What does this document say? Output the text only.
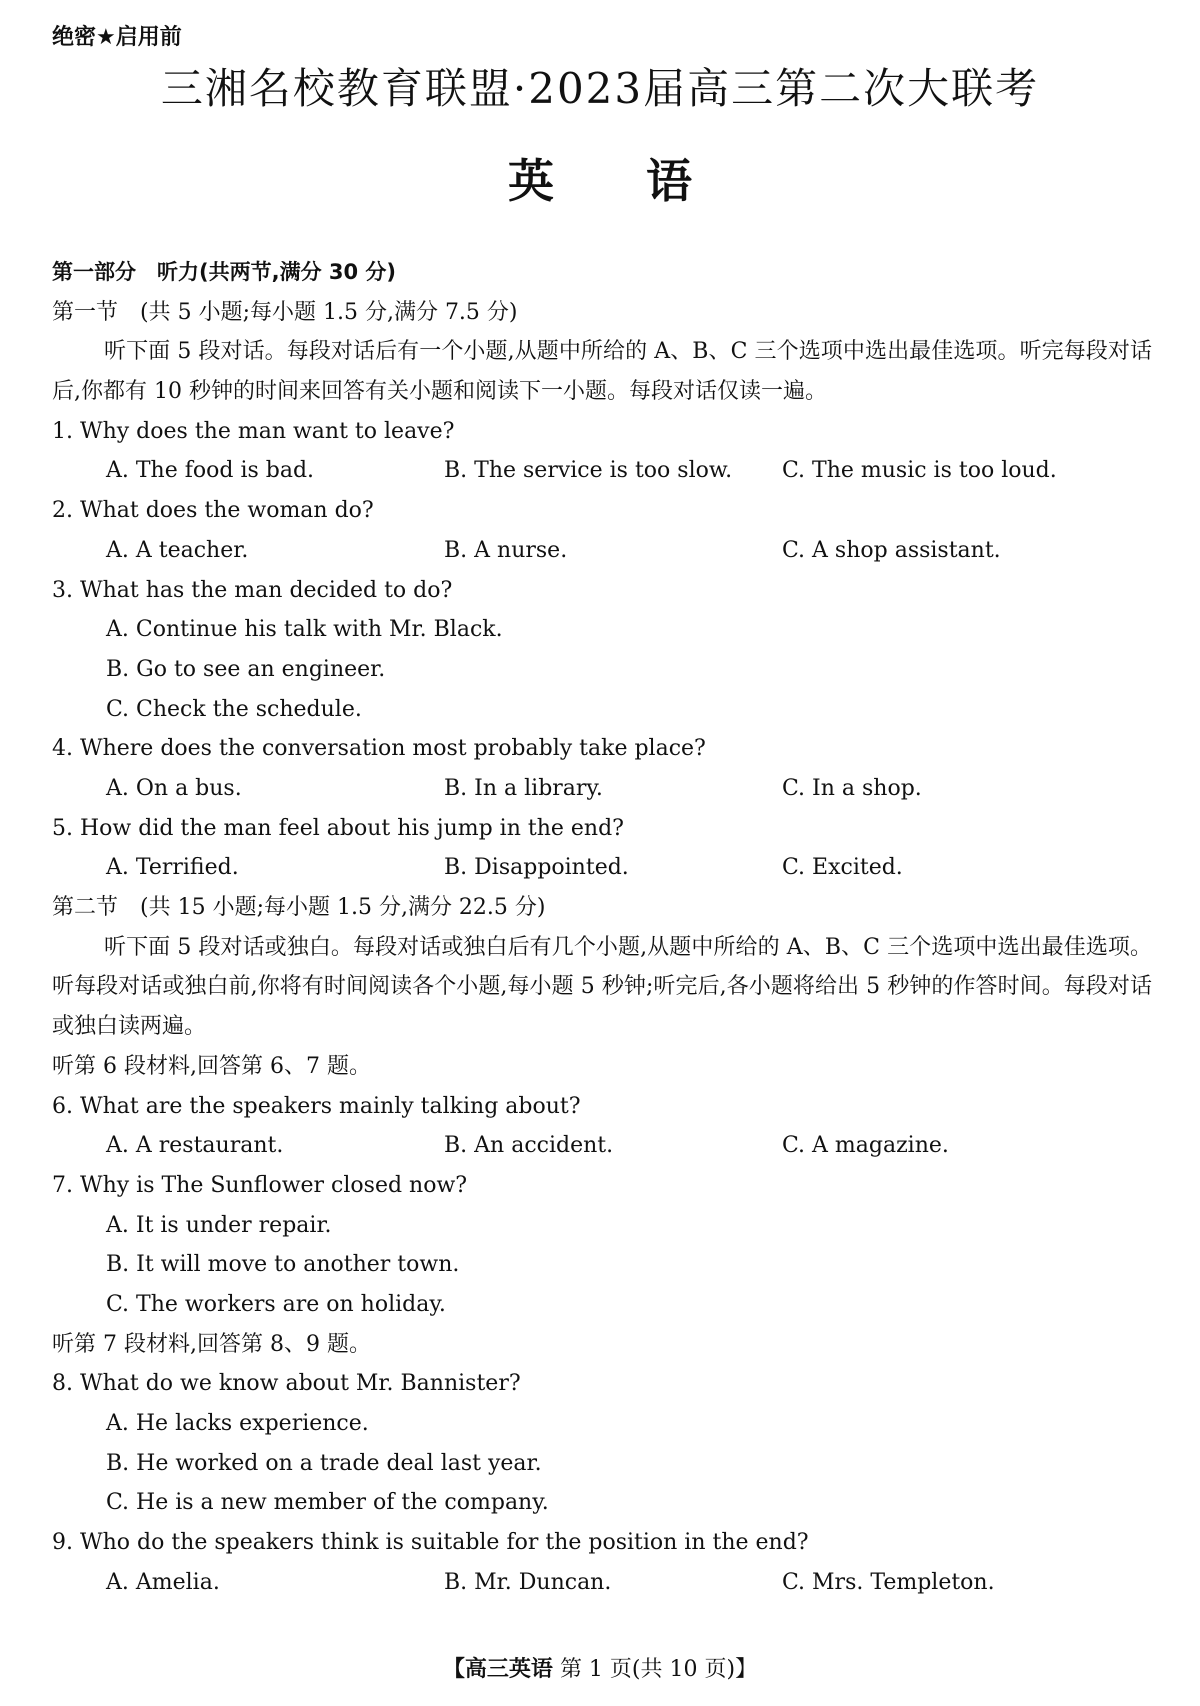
绝密★启用前
三湘名校教育联盟·2023届高三第二次大联考
英　　语
第一部分　听力(共两节,满分 30 分)
第一节　(共 5 小题;每小题 1.5 分,满分 7.5 分)
听下面 5 段对话。每段对话后有一个小题,从题中所给的 A、B、C 三个选项中选出最佳选项。听完每段对话后,你都有 10 秒钟的时间来回答有关小题和阅读下一小题。每段对话仅读一遍。
1. Why does the man want to leave?
A. The food is bad.	B. The service is too slow.	C. The music is too loud.
2. What does the woman do?
A. A teacher.	B. A nurse.	C. A shop assistant.
3. What has the man decided to do?
A. Continue his talk with Mr. Black.
B. Go to see an engineer.
C. Check the schedule.
4. Where does the conversation most probably take place?
A. On a bus.	B. In a library.	C. In a shop.
5. How did the man feel about his jump in the end?
A. Terrified.	B. Disappointed.	C. Excited.
第二节　(共 15 小题;每小题 1.5 分,满分 22.5 分)
听下面 5 段对话或独白。每段对话或独白后有几个小题,从题中所给的 A、B、C 三个选项中选出最佳选项。听每段对话或独白前,你将有时间阅读各个小题,每小题 5 秒钟;听完后,各小题将给出 5 秒钟的作答时间。每段对话或独白读两遍。
听第 6 段材料,回答第 6、7 题。
6. What are the speakers mainly talking about?
A. A restaurant.	B. An accident.	C. A magazine.
7. Why is The Sunflower closed now?
A. It is under repair.
B. It will move to another town.
C. The workers are on holiday.
听第 7 段材料,回答第 8、9 题。
8. What do we know about Mr. Bannister?
A. He lacks experience.
B. He worked on a trade deal last year.
C. He is a new member of the company.
9. Who do the speakers think is suitable for the position in the end?
A. Amelia.	B. Mr. Duncan.	C. Mrs. Templeton.
【高三英语 第 1 页(共 10 页)】
